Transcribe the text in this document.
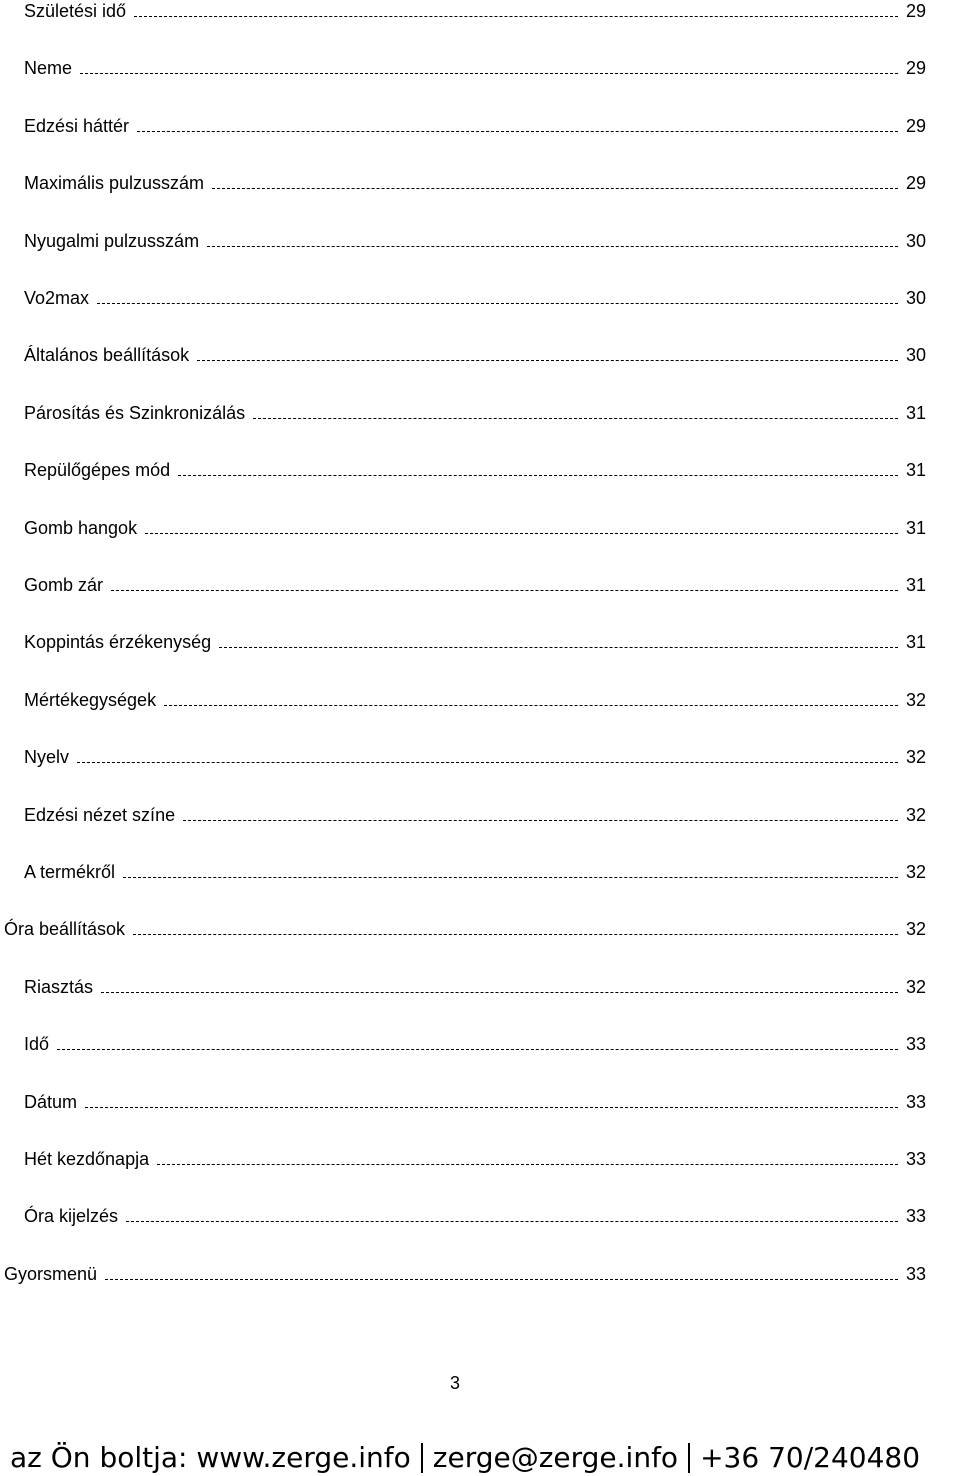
Születési idő	29
Neme	29
Edzési háttér	29
Maximális pulzusszám	29
Nyugalmi pulzusszám	30
Vo2max	30
Általános beállítások	30
Párosítás és Szinkronizálás	31
Repülőgépes mód	31
Gomb hangok	31
Gomb zár	31
Koppintás érzékenység	31
Mértékegységek	32
Nyelv	32
Edzési nézet színe	32
A termékről	32
Óra beállítások	32
Riasztás	32
Idő	33
Dátum	33
Hét kezdőnapja	33
Óra kijelzés	33
Gyorsmenü	33
3
az Ön boltja: www.zerge.info zerge@zerge.info +36 70/240480
